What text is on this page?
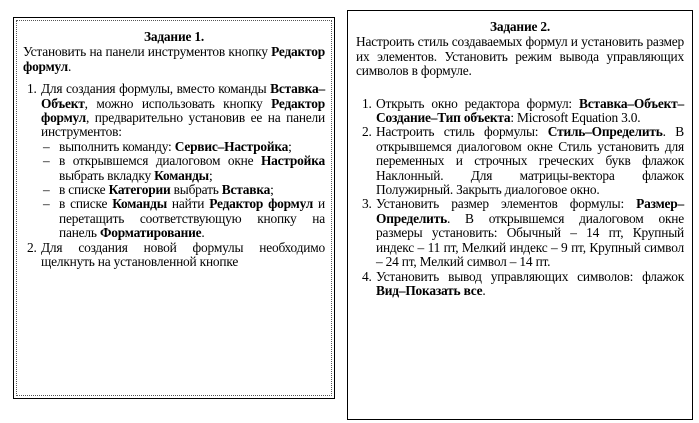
Задание 1.

Установить на панели инструментов кнопку Редактор формул.

1. Для создания формулы, вместо команды Вставка–Объект, можно использовать кнопку Редактор формул, предварительно установив ее на панели инструментов:
– выполнить команду: Сервис–Настройка;
– в открывшемся диалоговом окне Настройка выбрать вкладку Команды;
– в списке Категории выбрать Вставка;
– в списке Команды найти Редактор формул и перетащить соответствующую кнопку на панель Форматирование.
2. Для создания новой формулы необходимо щелкнуть на установленной кнопке

Задание 2.

Настроить стиль создаваемых формул и установить размер их элементов. Установить режим вывода управляющих символов в формуле.

1. Открыть окно редактора формул: Вставка–Объект–Создание–Тип объекта: Microsoft Equation 3.0.
2. Настроить стиль формулы: Стиль–Определить. В открывшемся диалоговом окне Стиль установить для переменных и строчных греческих букв флажок Наклонный. Для матрицы-вектора флажок Полужирный. Закрыть диалоговое окно.
3. Установить размер элементов формулы: Размер–Определить. В открывшемся диалоговом окне размеры установить: Обычный – 14 пт, Крупный индекс – 11 пт, Мелкий индекс – 9 пт, Крупный символ – 24 пт, Мелкий символ – 14 пт.
4. Установить вывод управляющих символов: флажок Вид–Показать все.
